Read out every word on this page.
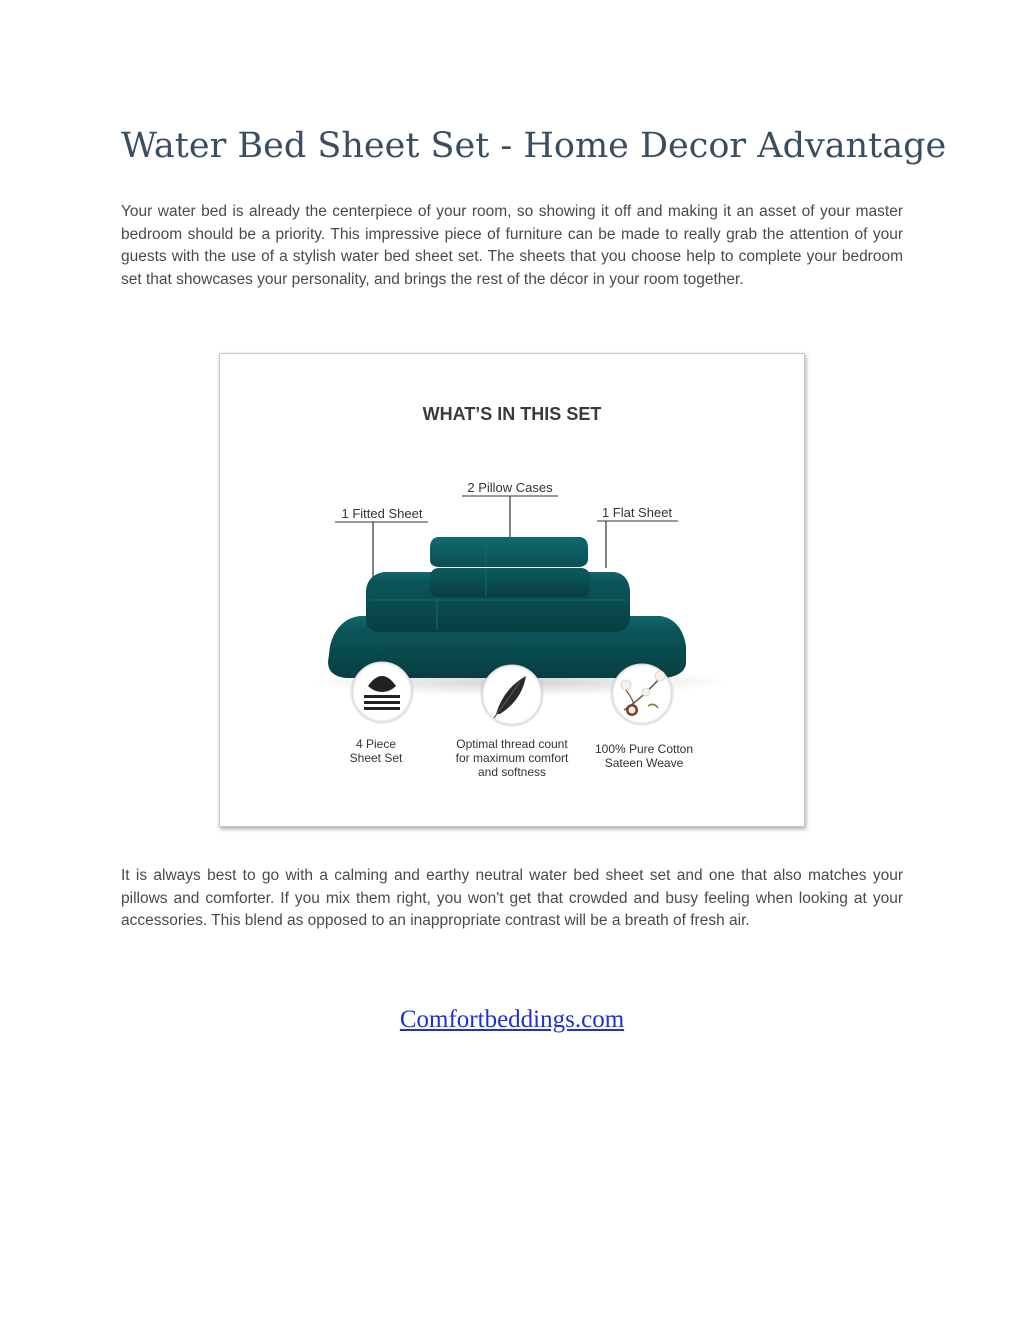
Water Bed Sheet Set - Home Decor Advantage

Your water bed is already the centerpiece of your room, so showing it off and making it an asset of your master bedroom should be a priority. This impressive piece of furniture can be made to really grab the attention of your guests with the use of a stylish water bed sheet set. The sheets that you choose help to complete your bedroom set that showcases your personality, and brings the rest of the décor in your room together.

WHAT’S IN THIS SET
2 Pillow Cases
1 Fitted Sheet	1 Flat Sheet
4 Piece
Sheet Set
Optimal thread count
for maximum comfort
and softness
100% Pure Cotton
Sateen Weave

It is always best to go with a calming and earthy neutral water bed sheet set and one that also matches your pillows and comforter. If you mix them right, you won't get that crowded and busy feeling when looking at your accessories. This blend as opposed to an inappropriate contrast will be a breath of fresh air.

Comfortbeddings.com
